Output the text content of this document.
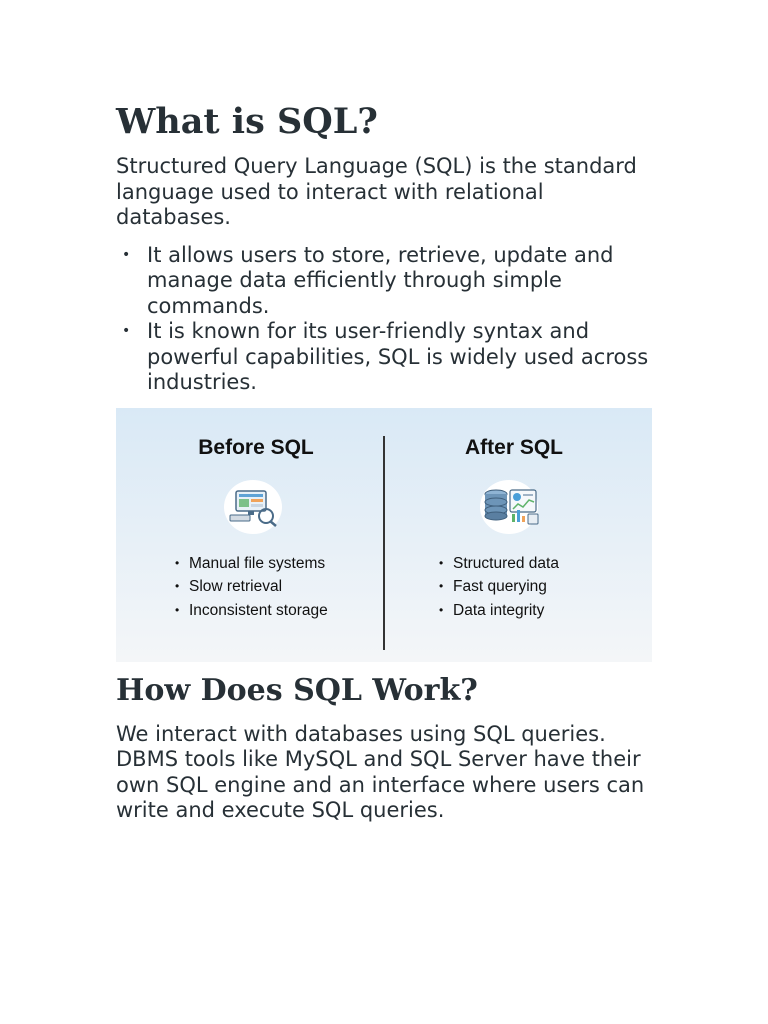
What is SQL?

Structured Query Language (SQL) is the standard language used to interact with relational databases.

• It allows users to store, retrieve, update and manage data efficiently through simple commands.
• It is known for its user-friendly syntax and powerful capabilities, SQL is widely used across industries.
Before SQL
• Manual file systems
• Slow retrieval
• Inconsistent storage
After SQL
• Structured data
• Fast querying
• Data integrity
How Does SQL Work?

We interact with databases using SQL queries. DBMS tools like MySQL and SQL Server have their own SQL engine and an interface where users can write and execute SQL queries.
